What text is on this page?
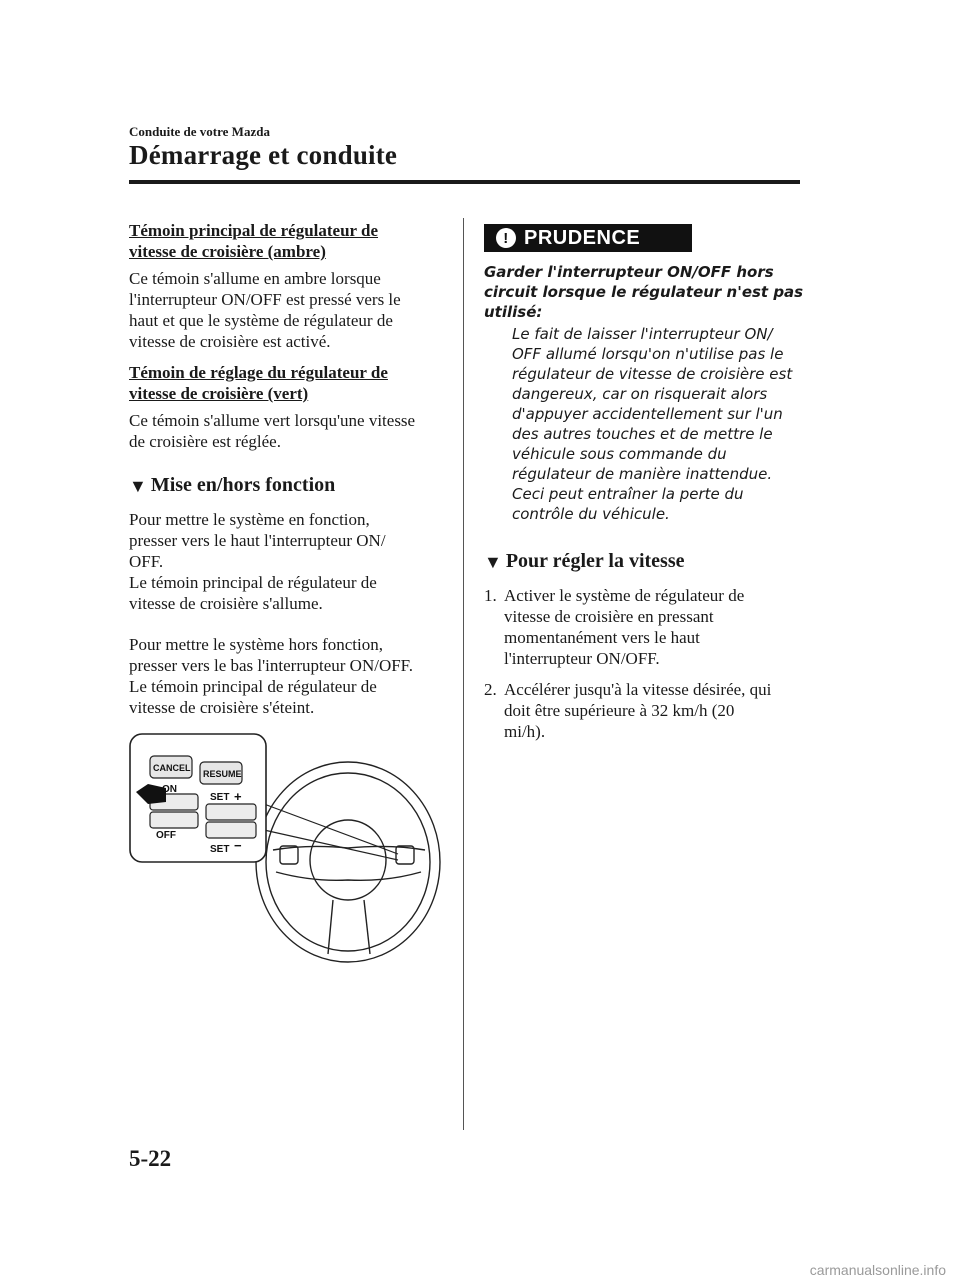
Conduite de votre Mazda
Démarrage et conduite
Témoin principal de régulateur de
vitesse de croisière (ambre)
Ce témoin s'allume en ambre lorsque
l'interrupteur ON/OFF est pressé vers le
haut et que le système de régulateur de
vitesse de croisière est activé.
Témoin de réglage du régulateur de
vitesse de croisière (vert)
Ce témoin s'allume vert lorsqu'une vitesse
de croisière est réglée.
▼ Mise en/hors fonction
Pour mettre le système en fonction,
presser vers le haut l'interrupteur ON/
OFF.
Le témoin principal de régulateur de
vitesse de croisière s'allume.
Pour mettre le système hors fonction,
presser vers le bas l'interrupteur ON/OFF.
Le témoin principal de régulateur de
vitesse de croisière s'éteint.
CANCEL
RESUME
ON
OFF
SET +
SET −
! PRUDENCE
Garder l'interrupteur ON/OFF hors
circuit lorsque le régulateur n'est pas
utilisé:
Le fait de laisser l'interrupteur ON/
OFF allumé lorsqu'on n'utilise pas le
régulateur de vitesse de croisière est
dangereux, car on risquerait alors
d'appuyer accidentellement sur l'un
des autres touches et de mettre le
véhicule sous commande du
régulateur de manière inattendue.
Ceci peut entraîner la perte du
contrôle du véhicule.
▼ Pour régler la vitesse
1. Activer le système de régulateur de
vitesse de croisière en pressant
momentanément vers le haut
l'interrupteur ON/OFF.
2. Accélérer jusqu'à la vitesse désirée, qui
doit être supérieure à 32 km/h (20
mi/h).
5-22
carmanualsonline.info
